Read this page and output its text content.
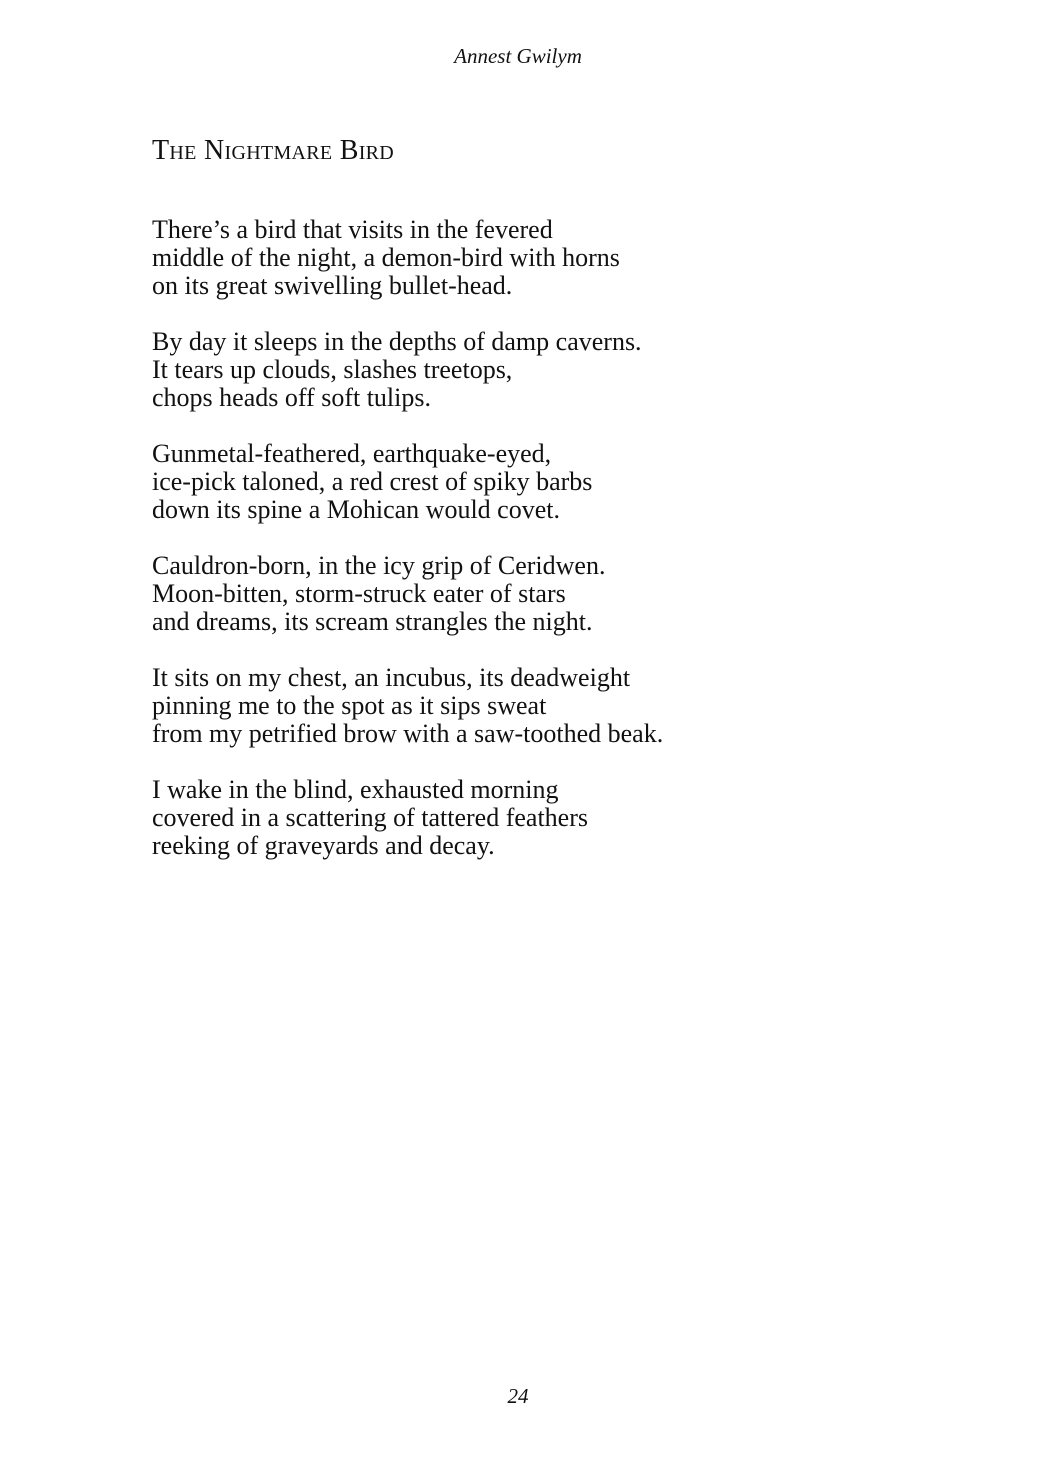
Annest Gwilym
The Nightmare Bird

There’s a bird that visits in the fevered
middle of the night, a demon-bird with horns
on its great swivelling bullet-head.

By day it sleeps in the depths of damp caverns.
It tears up clouds, slashes treetops,
chops heads off soft tulips.

Gunmetal-feathered, earthquake-eyed,
ice-pick taloned, a red crest of spiky barbs
down its spine a Mohican would covet.

Cauldron-born, in the icy grip of Ceridwen.
Moon-bitten, storm-struck eater of stars
and dreams, its scream strangles the night.

It sits on my chest, an incubus, its deadweight
pinning me to the spot as it sips sweat
from my petrified brow with a saw-toothed beak.

I wake in the blind, exhausted morning
covered in a scattering of tattered feathers
reeking of graveyards and decay.

24
